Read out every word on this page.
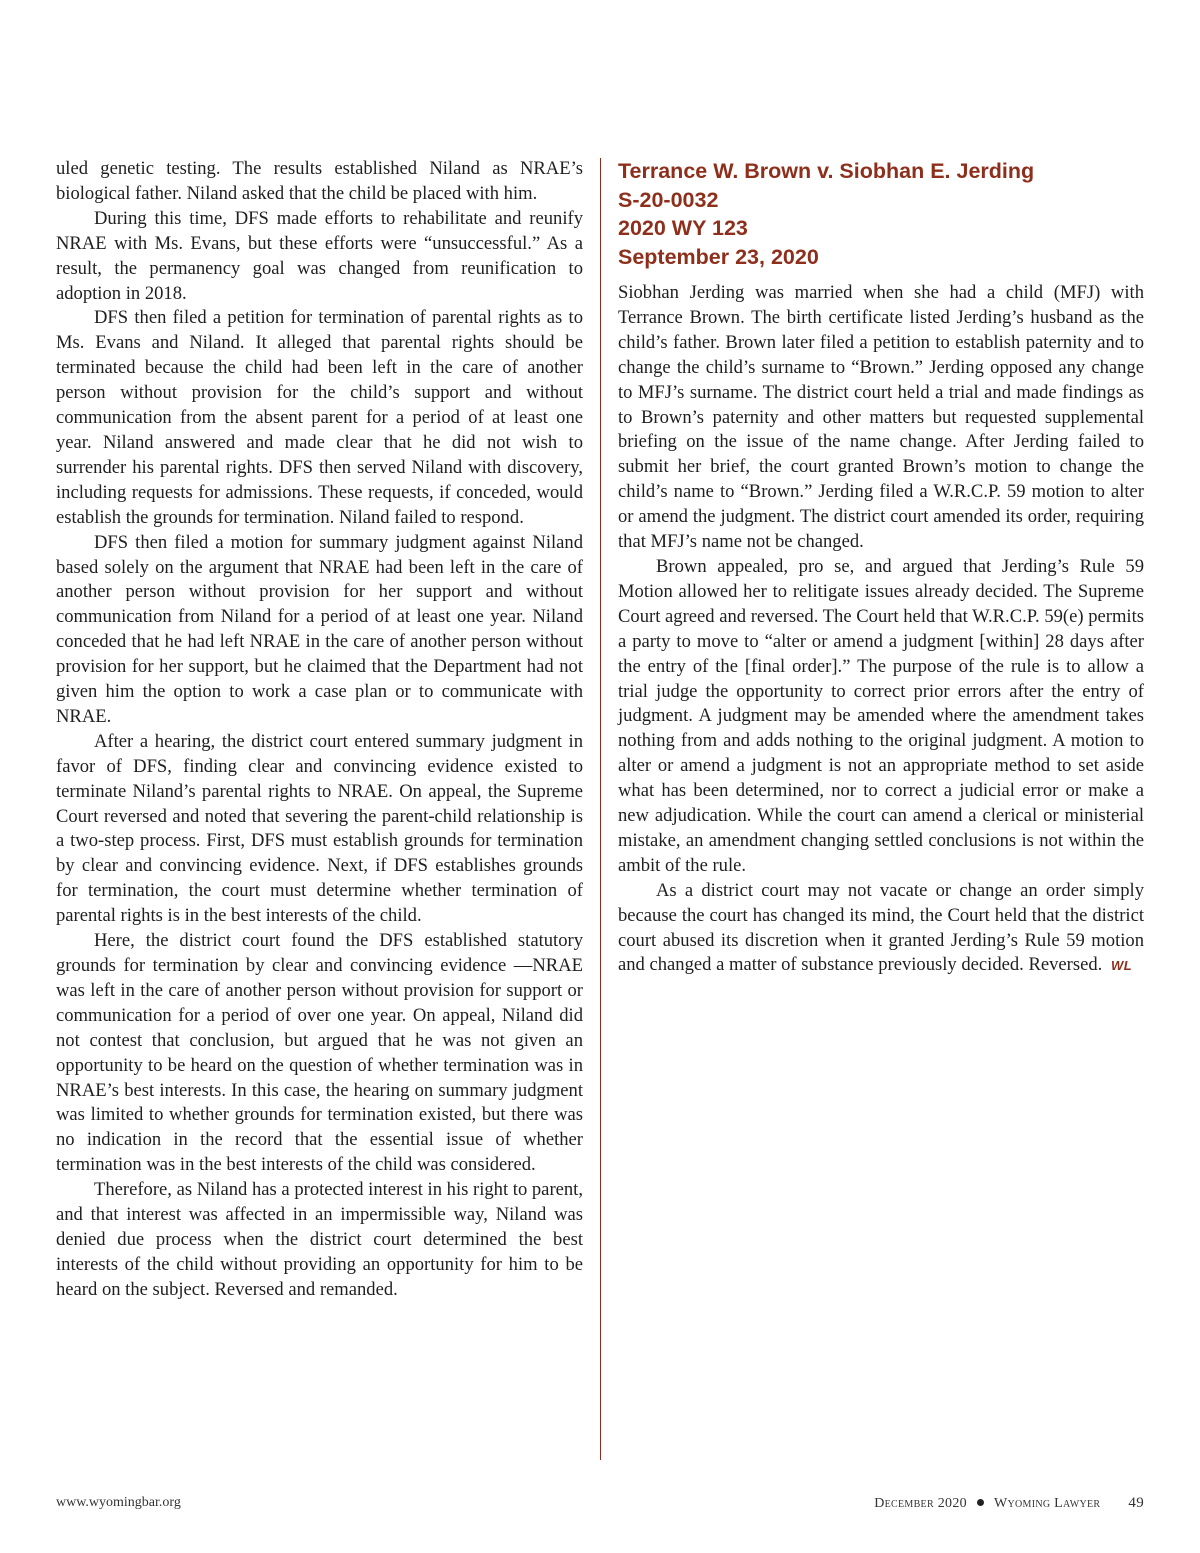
uled genetic testing. The results established Niland as NRAE’s biological father. Niland asked that the child be placed with him.

During this time, DFS made efforts to rehabilitate and reunify NRAE with Ms. Evans, but these efforts were “unsuccessful.” As a result, the permanency goal was changed from reunification to adoption in 2018.

DFS then filed a petition for termination of parental rights as to Ms. Evans and Niland. It alleged that parental rights should be terminated because the child had been left in the care of another person without provision for the child’s support and without communication from the absent parent for a period of at least one year. Niland answered and made clear that he did not wish to surrender his parental rights. DFS then served Niland with discovery, including requests for admissions. These requests, if conceded, would establish the grounds for termination. Niland failed to respond.

DFS then filed a motion for summary judgment against Niland based solely on the argument that NRAE had been left in the care of another person without provision for her support and without communication from Niland for a period of at least one year. Niland conceded that he had left NRAE in the care of another person without provision for her support, but he claimed that the Department had not given him the option to work a case plan or to communicate with NRAE.

After a hearing, the district court entered summary judgment in favor of DFS, finding clear and convincing evidence existed to terminate Niland’s parental rights to NRAE. On appeal, the Supreme Court reversed and noted that severing the parent-child relationship is a two-step process. First, DFS must establish grounds for termination by clear and convincing evidence. Next, if DFS establishes grounds for termination, the court must determine whether termination of parental rights is in the best interests of the child.

Here, the district court found the DFS established statutory grounds for termination by clear and convincing evidence —NRAE was left in the care of another person without provision for support or communication for a period of over one year. On appeal, Niland did not contest that conclusion, but argued that he was not given an opportunity to be heard on the question of whether termination was in NRAE’s best interests. In this case, the hearing on summary judgment was limited to whether grounds for termination existed, but there was no indication in the record that the essential issue of whether termination was in the best interests of the child was considered.

Therefore, as Niland has a protected interest in his right to parent, and that interest was affected in an impermissible way, Niland was denied due process when the district court determined the best interests of the child without providing an opportunity for him to be heard on the subject. Reversed and remanded.

Terrance W. Brown v. Siobhan E. Jerding
S-20-0032
2020 WY 123
September 23, 2020

Siobhan Jerding was married when she had a child (MFJ) with Terrance Brown. The birth certificate listed Jerding’s husband as the child’s father. Brown later filed a petition to establish paternity and to change the child’s surname to “Brown.” Jerding opposed any change to MFJ’s surname. The district court held a trial and made findings as to Brown’s paternity and other matters but requested supplemental briefing on the issue of the name change. After Jerding failed to submit her brief, the court granted Brown’s motion to change the child’s name to “Brown.” Jerding filed a W.R.C.P. 59 motion to alter or amend the judgment. The district court amended its order, requiring that MFJ’s name not be changed.

Brown appealed, pro se, and argued that Jerding’s Rule 59 Motion allowed her to relitigate issues already decided. The Supreme Court agreed and reversed. The Court held that W.R.C.P. 59(e) permits a party to move to “alter or amend a judgment [within] 28 days after the entry of the [final order].” The purpose of the rule is to allow a trial judge the opportunity to correct prior errors after the entry of judgment. A judgment may be amended where the amendment takes nothing from and adds nothing to the original judgment. A motion to alter or amend a judgment is not an appropriate method to set aside what has been determined, nor to correct a judicial error or make a new adjudication. While the court can amend a clerical or ministerial mistake, an amendment changing settled conclusions is not within the ambit of the rule.

As a district court may not vacate or change an order simply because the court has changed its mind, the Court held that the district court abused its discretion when it granted Jerding’s Rule 59 motion and changed a matter of substance previously decided. Reversed. WL

www.wyomingbar.org	December 2020 Wyoming Lawyer 49
